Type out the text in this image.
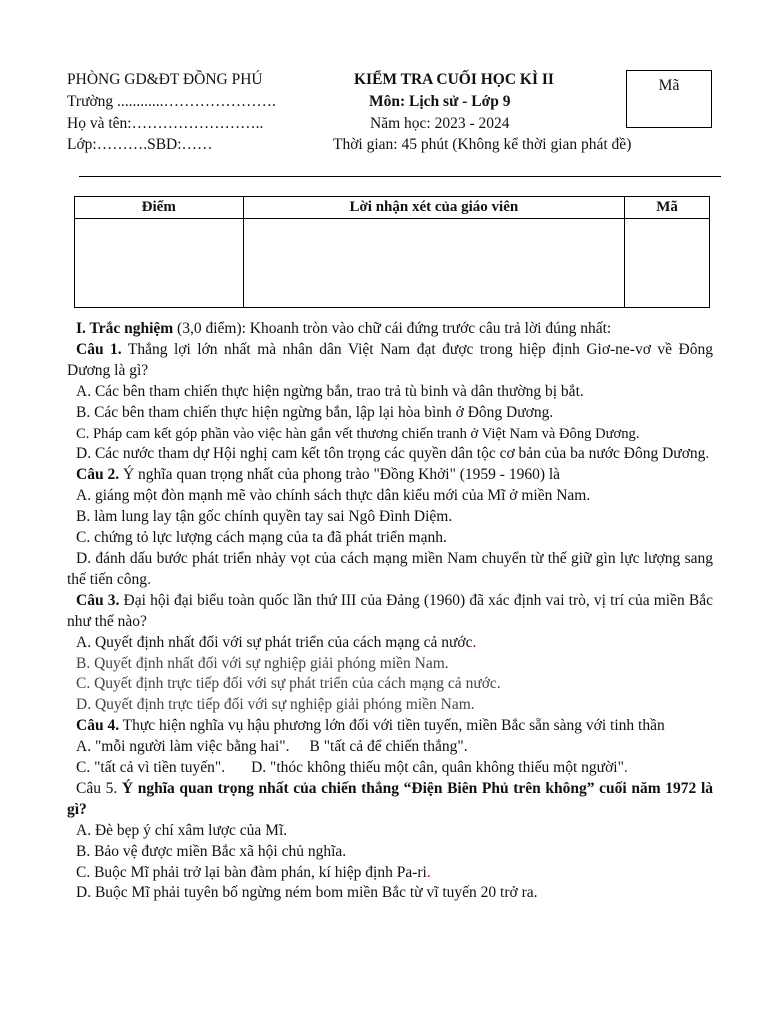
PHÒNG GD&ĐT ĐỒNG PHÚ
Trường ............………………….
Họ và tên:……………………..
Lớp:……….SBD:……
KIỂM TRA CUỐI HỌC KÌ II
Môn: Lịch sử - Lớp 9
Năm học: 2023 - 2024
Thời gian: 45 phút (Không kể thời gian phát đề)
Mã
Điểm	Lời nhận xét của giáo viên	Mã

I. Trắc nghiệm (3,0 điểm): Khoanh tròn vào chữ cái đứng trước câu trả lời đúng nhất:
Câu 1. Thắng lợi lớn nhất mà nhân dân Việt Nam đạt được trong hiệp định Giơ-ne-vơ về Đông Dương là gì?
A. Các bên tham chiến thực hiện ngừng bắn, trao trả tù binh và dân thường bị bắt.
B. Các bên tham chiến thực hiện ngừng bắn, lập lại hòa bình ở Đông Dương.
C. Pháp cam kết góp phần vào việc hàn gắn vết thương chiến tranh ở Việt Nam và Đông Dương.
D. Các nước tham dự Hội nghị cam kết tôn trọng các quyền dân tộc cơ bản của ba nước Đông Dương.
Câu 2. Ý nghĩa quan trọng nhất của phong trào "Đồng Khởi" (1959 - 1960) là
A. giáng một đòn mạnh mẽ vào chính sách thực dân kiểu mới của Mĩ ở miền Nam.
B. làm lung lay tận gốc chính quyền tay sai Ngô Đình Diệm.
C. chứng tỏ lực lượng cách mạng của ta đã phát triển mạnh.
D. đánh dấu bước phát triển nhảy vọt của cách mạng miền Nam chuyển từ thế giữ gìn lực lượng sang thế tiến công.
Câu 3. Đại hội đại biểu toàn quốc lần thứ III của Đảng (1960) đã xác định vai trò, vị trí của miền Bắc như thế nào?
A. Quyết định nhất đối với sự phát triển của cách mạng cả nước.
B. Quyết định nhất đối với sự nghiệp giải phóng miền Nam.
C. Quyết định trực tiếp đối với sự phát triển của cách mạng cả nước.
D. Quyết định trực tiếp đối với sự nghiệp giải phóng miền Nam.
Câu 4. Thực hiện nghĩa vụ hậu phương lớn đối với tiền tuyến, miền Bắc sẵn sàng với tinh thần
A. "mỗi người làm việc bằng hai". B "tất cả để chiến thắng".
C. "tất cả vì tiền tuyến". D. "thóc không thiếu một cân, quân không thiếu một người".
Câu 5. Ý nghĩa quan trọng nhất của chiến thắng “Điện Biên Phủ trên không” cuối năm 1972 là gì?
A. Đè bẹp ý chí xâm lược của Mĩ.
B. Bảo vệ được miền Bắc xã hội chủ nghĩa.
C. Buộc Mĩ phải trở lại bàn đàm phán, kí hiệp định Pa-ri.
D. Buộc Mĩ phải tuyên bố ngừng ném bom miền Bắc từ vĩ tuyến 20 trở ra.
